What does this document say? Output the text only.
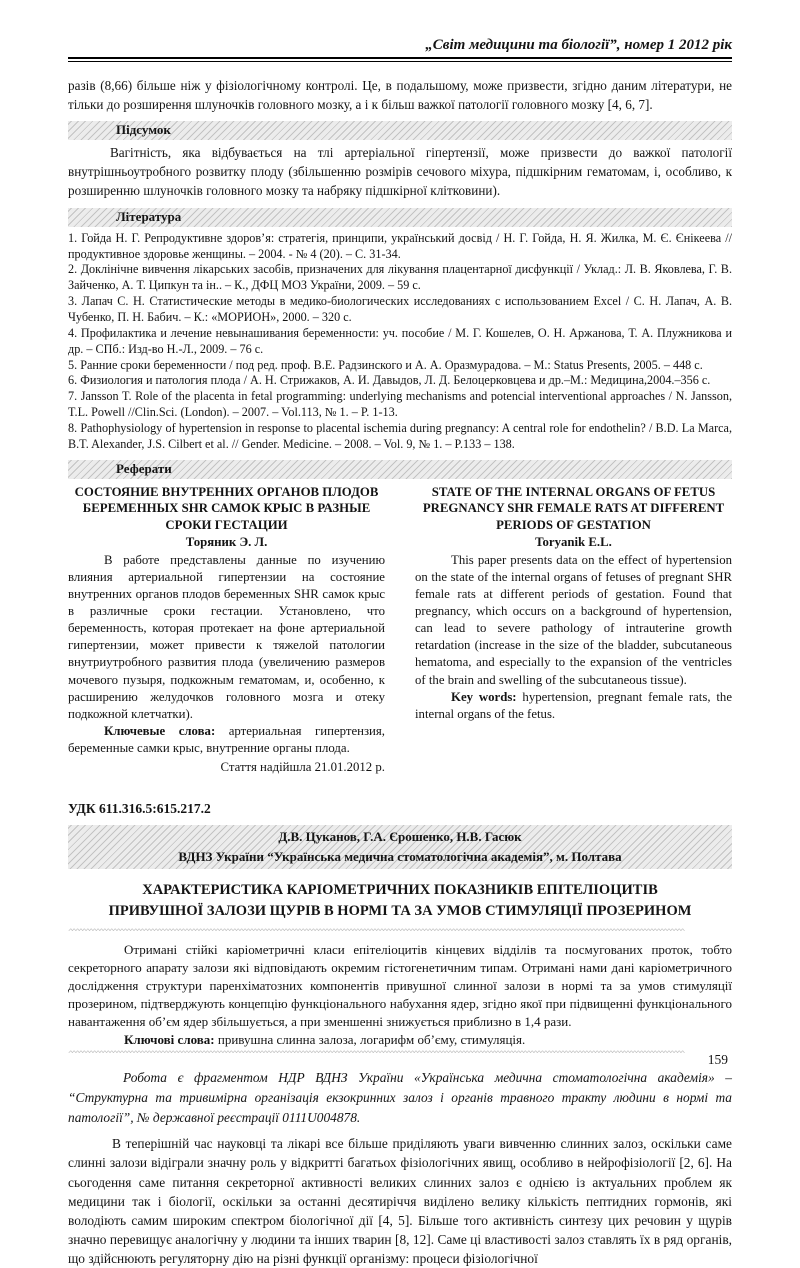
„Світ медицини та біології”, номер 1 2012 рік

разів (8,66) більше ніж у фізіологічному контролі. Це, в подальшому, може призвести, згідно даним літератури, не тільки до розширення шлуночків головного мозку, а і к більш важкої патології головного мозку [4, 6, 7].

Підсумок

Вагітність, яка відбувається на тлі артеріальної гіпертензії, може призвести до важкої патології внутрішньоутробного розвитку плоду (збільшенню розмірів сечового міхура, підшкірним гематомам, і, особливо, к розширенню шлуночків головного мозку та набряку підшкірної клітковини).

Література

1. Гойда Н. Г. Репродуктивне здоров’я: стратегія, принципи, український досвід / Н. Г. Гойда, Н. Я. Жилка, М. Є. Єнікеева // продуктивное здоровье женщины. – 2004. - № 4 (20). – С. 31-34.

2. Доклінічне вивчення лікарських засобів, призначених для лікування плацентарної дисфункції / Уклад.: Л. В. Яковлева, Г. В. Зайченко, А. Т. Ципкун та ін.. – К., ДФЦ МОЗ України, 2009. – 59 с.

3. Лапач С. Н. Статистические методы в медико-биологических исследованиях с использованием Excel / С. Н. Лапач, А. В. Чубенко, П. Н. Бабич. – К.: «МОРИОН», 2000. – 320 с.

4. Профилактика и лечение невынашивания беременности: уч. пособие / М. Г. Кошелев, О. Н. Аржанова, Т. А. Плужникова и др. – СПб.: Изд-во Н.-Л., 2009. – 76 с.

5. Ранние сроки беременности / под ред. проф. В.Е. Радзинского и А. А. Оразмурадова. – М.: Status Presents, 2005. – 448 с.

6. Физиология и патология плода / А. Н. Стрижаков, А. И. Давыдов, Л. Д. Белоцерковцева и др.–М.: Медицина,2004.–356 с.

7. Jansson T. Role of the placenta in fetal programming: underlying mechanisms and potencial interventional approaches / N. Jansson, T.L. Powell //Clin.Sci. (London). – 2007. – Vol.113, № 1. – P. 1-13.

8. Pathophysiology of hypertension in response to placental ischemia during pregnancy: A central role for endothelin? / B.D. La Marca, B.T. Alexander, J.S. Cilbert et al. // Gender. Medicine. – 2008. – Vol. 9, № 1. – P.133 – 138.

Реферати
СОСТОЯНИЕ ВНУТРЕННИХ ОРГАНОВ ПЛОДОВ БЕРЕМЕННЫХ SHR САМОК КРЫС В РАЗНЫЕ СРОКИ ГЕСТАЦИИ
Торяник Э. Л.

В работе представлены данные по изучению влияния артериальной гипертензии на состояние внутренних органов плодов беременных SHR самок крыс в различные сроки гестации. Установлено, что беременность, которая протекает на фоне артериальной гипертензии, может привести к тяжелой патологии внутриутробного развития плода (увеличению размеров мочевого пузыря, подкожным гематомам, и, особенно, к расширению желудочков головного мозга и отеку подкожной клетчатки).

Ключевые слова: артериальная гипертензия, беременные самки крыс, внутренние органы плода.

Стаття надійшла 21.01.2012 р.
STATE OF THE INTERNAL ORGANS OF FETUS PREGNANCY SHR FEMALE RATS AT DIFFERENT PERIODS OF GESTATION
Toryanik E.L.

This paper presents data on the effect of hypertension on the state of the internal organs of fetuses of pregnant SHR female rats at different periods of gestation. Found that pregnancy, which occurs on a background of hypertension, can lead to severe pathology of intrauterine growth retardation (increase in the size of the bladder, subcutaneous hematoma, and especially to the expansion of the ventricles of the brain and swelling of the subcutaneous tissue).

Key words: hypertension, pregnant female rats, the internal organs of the fetus.

УДК 611.316.5:615.217.2
Д.В. Цуканов, Г.А. Єрошенко, Н.В. Гасюк
ВДНЗ України “Українська медична стоматологічна академія”, м. Полтава
ХАРАКТЕРИСТИКА КАРІОМЕТРИЧНИХ ПОКАЗНИКІВ ЕПІТЕЛІОЦИТІВ ПРИВУШНОЇ ЗАЛОЗИ ЩУРІВ В НОРМІ ТА ЗА УМОВ СТИМУЛЯЦІЇ ПРОЗЕРИНОМ
^^^^^^^^^^^^^^^^^^^^^^^^^^^^^^^^^^^^^^^^^^^^^^^^^^^^^^^^^^^^^^^^^^^^^^^^^^^^^^^^^^^^^^^^^^^^^^^^^^^^^^^^^^^^^^^^^^^^^^^^^^^^^^^^^^^^^^^^^^^^^^^^^^^^^^^^^^^^^^^^^^^^^^^^^^^^^^^^^^^^

Отримані стійкі каріометричні класи епітеліоцитів кінцевих відділів та посмугованих проток, тобто секреторного апарату залози які відповідають окремим гістогенетичним типам. Отримані нами дані каріометричного дослідження структури паренхіматозних компонентів привушної слинної залози в нормі та за умов стимуляції прозерином, підтверджують концепцію функціонального набухання ядер, згідно якої при підвищенні функціонального навантаження об’єм ядер збільшується, а при зменшенні знижується приблизно в 1,4 рази.

Ключові слова: привушна слинна залоза, логарифм об’єму, стимуляція.

^^^^^^^^^^^^^^^^^^^^^^^^^^^^^^^^^^^^^^^^^^^^^^^^^^^^^^^^^^^^^^^^^^^^^^^^^^^^^^^^^^^^^^^^^^^^^^^^^^^^^^^^^^^^^^^^^^^^^^^^^^^^^^^^^^^^^^^^^^^^^^^^^^^^^^^^^^^^^^^^^^^^^^^^^^^^^^^^^^^^

Робота є фрагментом НДР ВДНЗ України «Українська медична стоматологічна академія» – “Структурна та тривимірна організація екзокринних залоз і органів травного тракту людини в нормі та патології”, № державної реєстрації 0111U004878.

В теперішній час науковці та лікарі все більше приділяють уваги вивченню слинних залоз, оскільки саме слинні залози відіграли значну роль у відкритті багатьох фізіологічних явищ, особливо в нейрофізіології [2, 6]. На сьогодення саме питання секреторної активності великих слинних залоз є однією із актуальних проблем як медицини так і біології, оскільки за останні десятиріччя виділено велику кількість пептидних гормонів, які володіють самим широким спектром біологічної дії [4, 5]. Більше того активність синтезу цих речовин у щурів значно перевищує аналогічну у людини та інших тварин [8, 12]. Саме ці властивості залоз ставлять їх в ряд органів, що здійснюють регуляторну дію на різні функції організму: процеси фізіологічної

159
